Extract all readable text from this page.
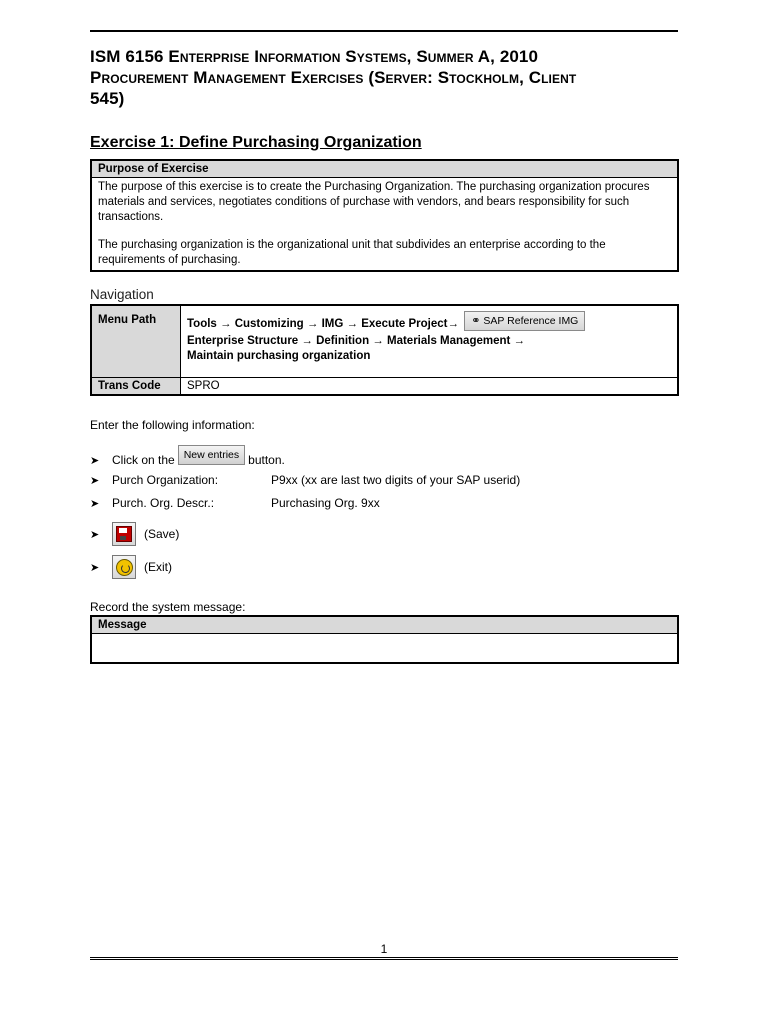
ISM 6156 Enterprise Information Systems, Summer A, 2010
Procurement Management Exercises (Server: Stockholm, Client
545)
Exercise 1: Define Purchasing Organization
Purpose of Exercise

The purpose of this exercise is to create the Purchasing Organization. The purchasing organization procures materials and services, negotiates conditions of purchase with vendors, and bears responsibility for such transactions.

The purchasing organization is the organizational unit that subdivides an enterprise according to the requirements of purchasing.

Navigation
Menu Path	Tools → Customizing → IMG → Execute Project→ ⚭ SAP Reference IMG
Enterprise Structure → Definition → Materials Management →
Maintain purchasing organization
Trans Code	SPRO
Enter the following information:
➤	Click on the New entries button.
➤	Purch Organization:	P9xx (xx are last two digits of your SAP userid)
➤	Purch. Org. Descr.:	Purchasing Org. 9xx
➤	(Save)
➤	(Exit)
Record the system message:
Message

1
